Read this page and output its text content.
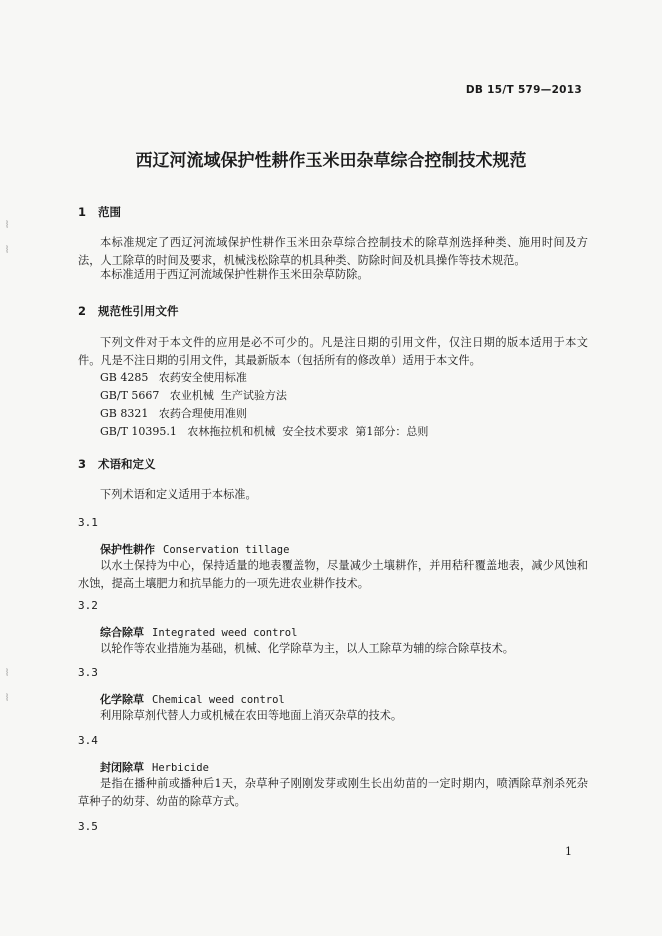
⦚
⦚
⦚
⦚
DB 15/T 579—2013
西辽河流域保护性耕作玉米田杂草综合控制技术规范
1 范围
本标准规定了西辽河流域保护性耕作玉米田杂草综合控制技术的除草剂选择种类、施用时间及方法，人工除草的时间及要求，机械浅松除草的机具种类、防除时间及机具操作等技术规范。
本标准适用于西辽河流域保护性耕作玉米田杂草防除。
2 规范性引用文件
下列文件对于本文件的应用是必不可少的。凡是注日期的引用文件，仅注日期的版本适用于本文件。凡是不注日期的引用文件，其最新版本（包括所有的修改单）适用于本文件。
GB 4285   农药安全使用标准
GB/T 5667   农业机械  生产试验方法
GB 8321   农药合理使用准则
GB/T 10395.1   农林拖拉机和机械  安全技术要求  第1部分：总则
3 术语和定义
下列术语和定义适用于本标准。
3.1
保护性耕作 Conservation tillage
以水土保持为中心，保持适量的地表覆盖物，尽量减少土壤耕作，并用秸秆覆盖地表，减少风蚀和水蚀，提高土壤肥力和抗旱能力的一项先进农业耕作技术。
3.2
综合除草 Integrated weed control
以轮作等农业措施为基础，机械、化学除草为主，以人工除草为辅的综合除草技术。
3.3
化学除草 Chemical weed control
利用除草剂代替人力或机械在农田等地面上消灭杂草的技术。
3.4
封闭除草 Herbicide
是指在播种前或播种后1天，杂草种子刚刚发芽或刚生长出幼苗的一定时期内，喷洒除草剂杀死杂草种子的幼芽、幼苗的除草方式。
3.5
1
